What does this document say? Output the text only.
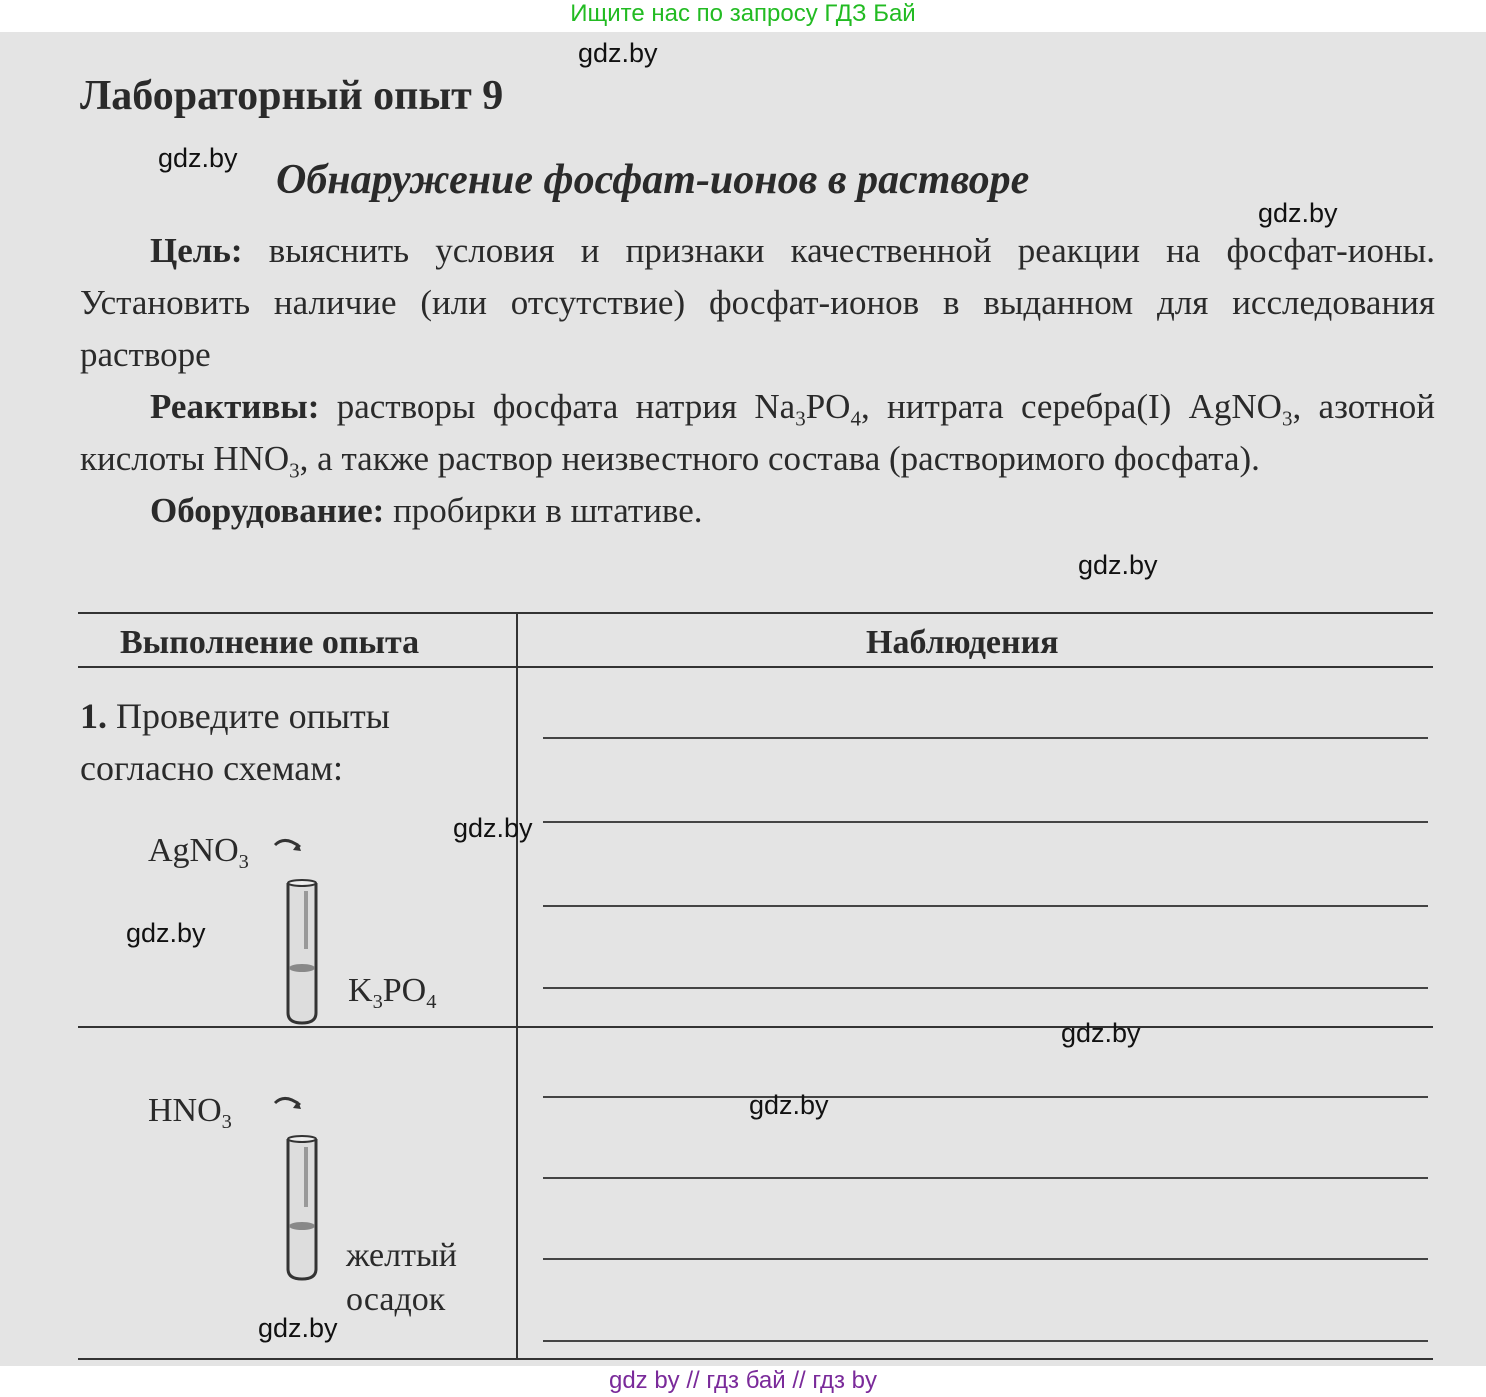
Ищите нас по запросу ГДЗ Бай
Лабораторный опыт 9
Обнаружение фосфат-ионов в растворе

Цель: выяснить условия и признаки качественной реакции на фосфат-ионы. Установить наличие (или отсутствие) фосфат-ионов в выданном для исследования растворе

Реактивы: растворы фосфата натрия $Na_3PO_4$, нитрата серебра(I) AgNO$_3$, азотной кислоты $HNO_3$, а также раствор неизвестного состава (растворимого фосфата).

Оборудование: пробирки в штативе.

Выполнение опыта	Наблюдения
1. Проведите опыты
согласно схемам:
AgNO$_3$
$K_3PO_4$
$HNO_3$
желтый
осадок
gdz.by
gdz.by
gdz.by
gdz.by
gdz.by
gdz.by
gdz.by
gdz.by
gdz.by
gdz by // гдз бай // гдз by
